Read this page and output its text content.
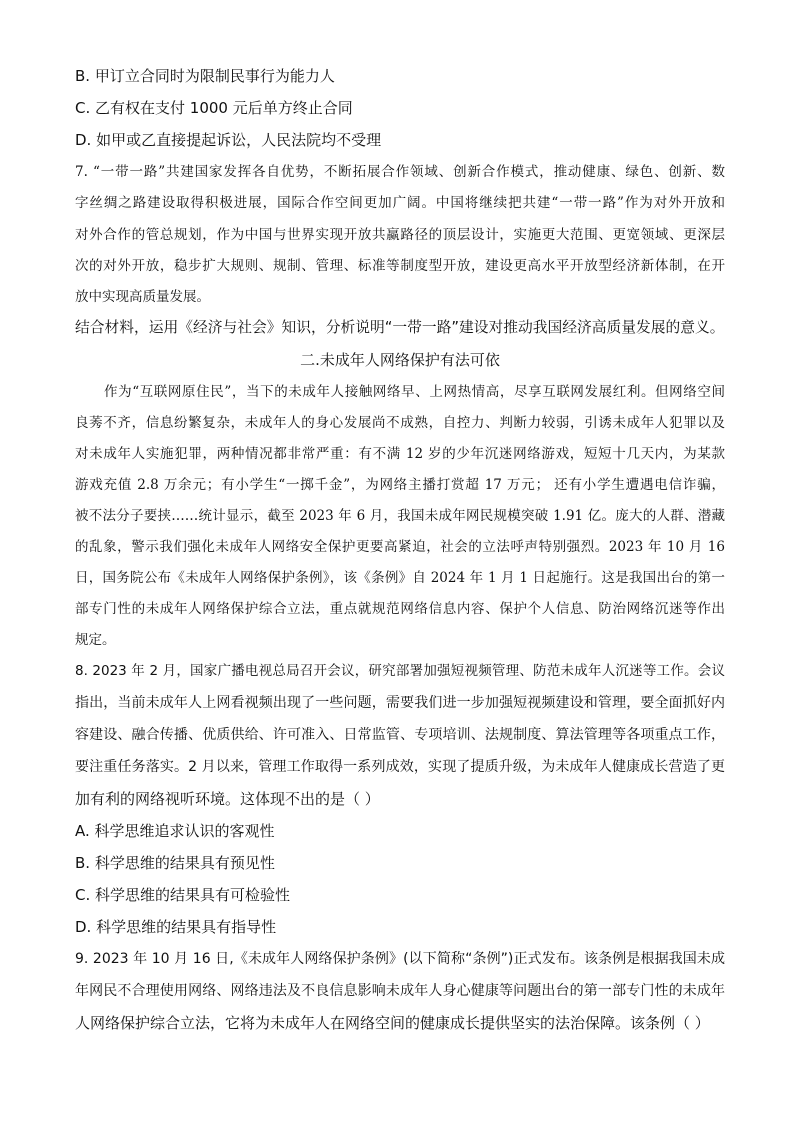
B. 甲订立合同时为限制民事行为能力人
C. 乙有权在支付 1000 元后单方终止合同
D. 如甲或乙直接提起诉讼，人民法院均不受理
7. “一带一路”共建国家发挥各自优势，不断拓展合作领域、创新合作模式，推动健康、绿色、创新、数
字丝绸之路建设取得积极进展，国际合作空间更加广阔。中国将继续把共建“一带一路”作为对外开放和
对外合作的管总规划，作为中国与世界实现开放共赢路径的顶层设计，实施更大范围、更宽领域、更深层
次的对外开放，稳步扩大规则、规制、管理、标准等制度型开放，建设更高水平开放型经济新体制，在开
放中实现高质量发展。
结合材料，运用《经济与社会》知识，分析说明“一带一路”建设对推动我国经济高质量发展的意义。
二.未成年人网络保护有法可依
作为“互联网原住民”，当下的未成年人接触网络早、上网热情高，尽享互联网发展红利。但网络空间
良莠不齐，信息纷繁复杂，未成年人的身心发展尚不成熟，自控力、判断力较弱，引诱未成年人犯罪以及
对未成年人实施犯罪，两种情况都非常严重：有不满 12 岁的少年沉迷网络游戏，短短十几天内，为某款
游戏充值 2.8 万余元；有小学生“一掷千金”，为网络主播打赏超 17 万元； 还有小学生遭遇电信诈骗，
被不法分子要挟……统计显示，截至 2023 年 6 月，我国未成年网民规模突破 1.91 亿。庞大的人群、潜藏
的乱象，警示我们强化未成年人网络安全保护更要高紧迫，社会的立法呼声特别强烈。2023 年 10 月 16
日，国务院公布《未成年人网络保护条例》，该《条例》自 2024 年 1 月 1 日起施行。这是我国出台的第一
部专门性的未成年人网络保护综合立法，重点就规范网络信息内容、保护个人信息、防治网络沉迷等作出
规定。
8. 2023 年 2 月，国家广播电视总局召开会议，研究部署加强短视频管理、防范未成年人沉迷等工作。会议
指出，当前未成年人上网看视频出现了一些问题，需要我们进一步加强短视频建设和管理，要全面抓好内
容建设、融合传播、优质供给、许可准入、日常监管、专项培训、法规制度、算法管理等各项重点工作，
要注重任务落实。2 月以来，管理工作取得一系列成效，实现了提质升级，为未成年人健康成长营造了更
加有利的网络视听环境。这体现不出的是（ ）
A. 科学思维追求认识的客观性
B. 科学思维的结果具有预见性
C. 科学思维的结果具有可检验性
D. 科学思维的结果具有指导性
9. 2023 年 10 月 16 日,《未成年人网络保护条例》(以下简称“条例”)正式发布。该条例是根据我国未成
年网民不合理使用网络、网络违法及不良信息影响未成年人身心健康等问题出台的第一部专门性的未成年
人网络保护综合立法，它将为未成年人在网络空间的健康成长提供坚实的法治保障。该条例（ ）
